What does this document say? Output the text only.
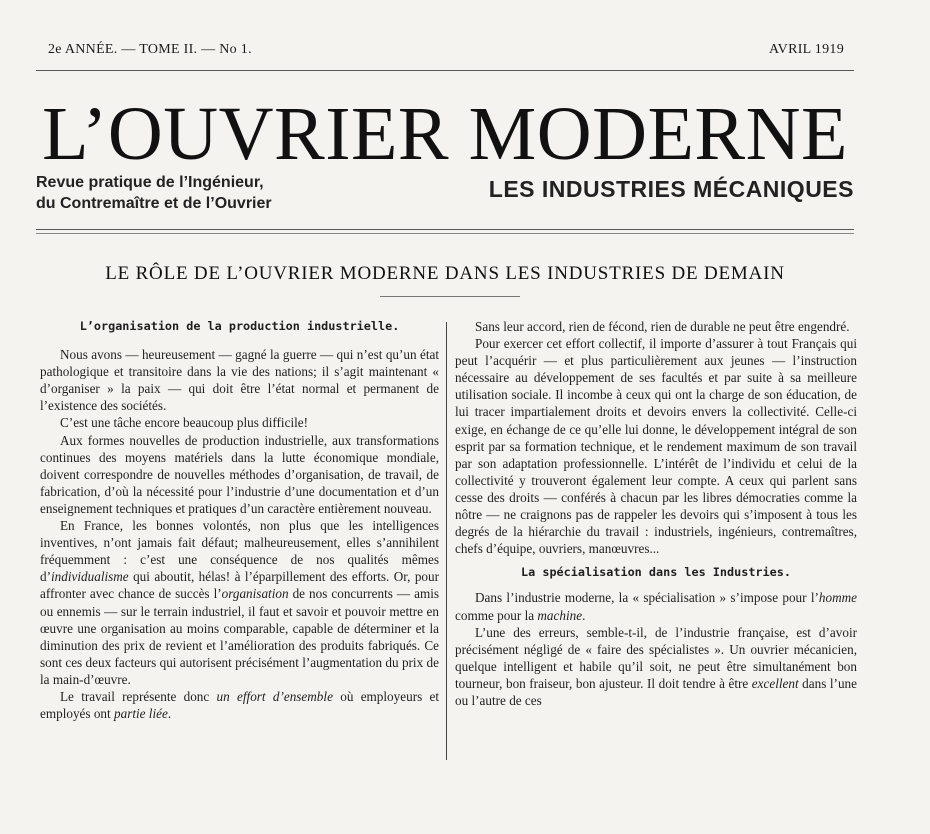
2e ANNÉE. — TOME II. — No 1.	AVRIL 1919
L’OUVRIER MODERNE
Revue pratique de l’Ingénieur,
du Contremaître et de l’Ouvrier
LES INDUSTRIES MÉCANIQUES
LE RÔLE DE L’OUVRIER MODERNE DANS LES INDUSTRIES DE DEMAIN
L’organisation de la production industrielle.

Nous avons — heureusement — gagné la guerre — qui n’est qu’un état pathologique et transitoire dans la vie des nations; il s’agit maintenant « d’organiser » la paix — qui doit être l’état normal et permanent de l’existence des sociétés.

C’est une tâche encore beaucoup plus difficile!

Aux formes nouvelles de production industrielle, aux transformations continues des moyens matériels dans la lutte économique mondiale, doivent correspondre de nouvelles méthodes d’organisation, de travail, de fabrication, d’où la nécessité pour l’industrie d’une documentation et d’un enseignement techniques et pratiques d’un caractère entièrement nouveau.

En France, les bonnes volontés, non plus que les intelligences inventives, n’ont jamais fait défaut; malheureusement, elles s’annihilent fréquemment : c’est une conséquence de nos qualités mêmes d’individualisme qui aboutit, hélas! à l’éparpillement des efforts. Or, pour affronter avec chance de succès l’organisation de nos concurrents — amis ou ennemis — sur le terrain industriel, il faut et savoir et pouvoir mettre en œuvre une organisation au moins comparable, capable de déterminer et la diminution des prix de revient et l’amélioration des produits fabriqués. Ce sont ces deux facteurs qui autorisent précisément l’augmentation du prix de la main-d’œuvre.

Le travail représente donc un effort d’ensemble où employeurs et employés ont partie liée.

Sans leur accord, rien de fécond, rien de durable ne peut être engendré.

Pour exercer cet effort collectif, il importe d’assurer à tout Français qui peut l’acquérir — et plus particulièrement aux jeunes — l’instruction nécessaire au développement de ses facultés et par suite à sa meilleure utilisation sociale. Il incombe à ceux qui ont la charge de son éducation, de lui tracer impartialement droits et devoirs envers la collectivité. Celle-ci exige, en échange de ce qu’elle lui donne, le développement intégral de son esprit par sa formation technique, et le rendement maximum de son travail par son adaptation professionnelle. L’intérêt de l’individu et celui de la collectivité y trouveront également leur compte. A ceux qui parlent sans cesse des droits — conférés à chacun par les libres démocraties comme la nôtre — ne craignons pas de rappeler les devoirs qui s’imposent à tous les degrés de la hiérarchie du travail : industriels, ingénieurs, contremaîtres, chefs d’équipe, ouvriers, manœuvres...

La spécialisation dans les Industries.

Dans l’industrie moderne, la « spécialisation » s’impose pour l’homme comme pour la machine.

L’une des erreurs, semble-t-il, de l’industrie française, est d’avoir précisément négligé de « faire des spécialistes ». Un ouvrier mécanicien, quelque intelligent et habile qu’il soit, ne peut être simultanément bon tourneur, bon fraiseur, bon ajusteur. Il doit tendre à être excellent dans l’une ou l’autre de ces
